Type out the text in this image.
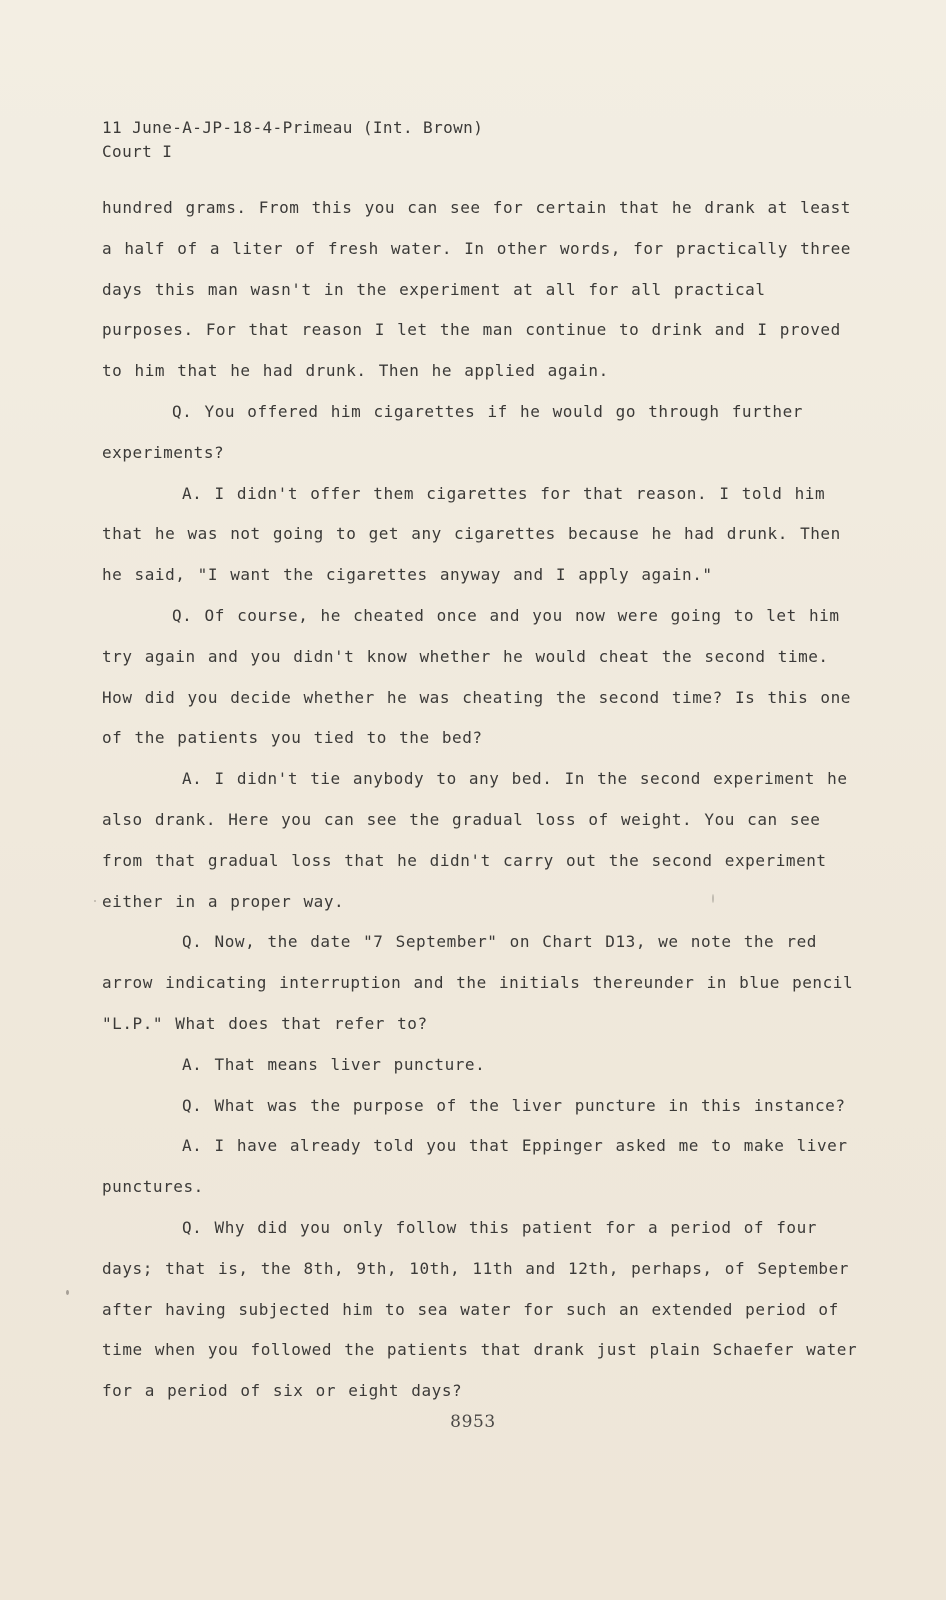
11 June-A-JP-18-4-Primeau (Int. Brown)
Court I

hundred grams. From this you can see for certain that he drank at least a half of a liter of fresh water. In other words, for practically three days this man wasn't in the experiment at all for all practical purposes. For that reason I let the man continue to drink and I proved to him that he had drunk. Then he applied again.

Q. You offered him cigarettes if he would go through further experiments?

A. I didn't offer them cigarettes for that reason. I told him that he was not going to get any cigarettes because he had drunk. Then he said, "I want the cigarettes anyway and I apply again."

Q. Of course, he cheated once and you now were going to let him try again and you didn't know whether he would cheat the second time. How did you decide whether he was cheating the second time? Is this one of the patients you tied to the bed?

A. I didn't tie anybody to any bed. In the second experiment he also drank. Here you can see the gradual loss of weight. You can see from that gradual loss that he didn't carry out the second experiment either in a proper way.

Q. Now, the date "7 September" on Chart D13, we note the red arrow indicating interruption and the initials thereunder in blue pencil "L.P." What does that refer to?

A. That means liver puncture.

Q. What was the purpose of the liver puncture in this instance?

A. I have already told you that Eppinger asked me to make liver punctures.

Q. Why did you only follow this patient for a period of four days; that is, the 8th, 9th, 10th, 11th and 12th, perhaps, of September after having subjected him to sea water for such an extended period of time when you followed the patients that drank just plain Schaefer water for a period of six or eight days?

8953
